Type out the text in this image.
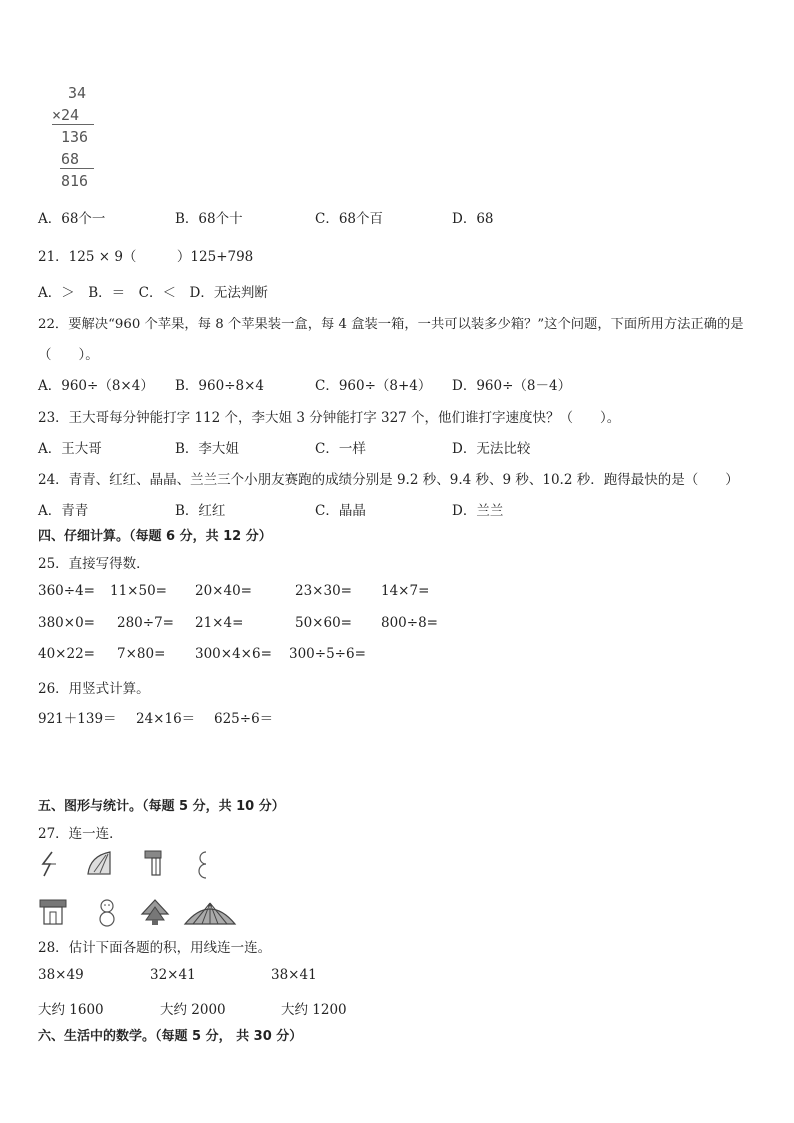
34
×24
136
68
816
A．68个一	B．68个十	C．68个百	D．68
21．125 × 9（　　　）125+798
A．＞　B．＝　C．＜　D．无法判断
22．要解决“960 个苹果，每 8 个苹果装一盒，每 4 盒装一箱，一共可以装多少箱？”这个问题，下面所用方法正确的是
（　　）。
A．960÷（8×4） B．960÷8×4	C．960÷（8+4） D．960÷（8－4）
23．王大哥每分钟能打字 112 个，李大姐 3 分钟能打字 327 个，他们谁打字速度快？（　　）。
A．王大哥	B．李大姐	C．一样	D．无法比较
24．青青、红红、晶晶、兰兰三个小朋友赛跑的成绩分别是 9.2 秒、9.4 秒、9 秒、10.2 秒．跑得最快的是（　　）
A．青青	B．红红	C．晶晶	D．兰兰
四、仔细计算。（每题 6 分，共 12 分）
25．直接写得数．
360÷4= 11×50= 20×40=	23×30= 14×7=
380×0= 280÷7= 21×4=	50×60= 800÷8=
40×22= 7×80= 300×4×6= 300÷5÷6=
26．用竖式计算。
921＋139＝ 24×16＝ 625÷6＝
五、图形与统计。（每题 5 分，共 10 分）
27．连一连．
28．估计下面各题的积，用线连一连。
38×49	32×41	38×41
大约 1600	大约 2000	大约 1200
六、生活中的数学。（每题 5 分， 共 30 分）
